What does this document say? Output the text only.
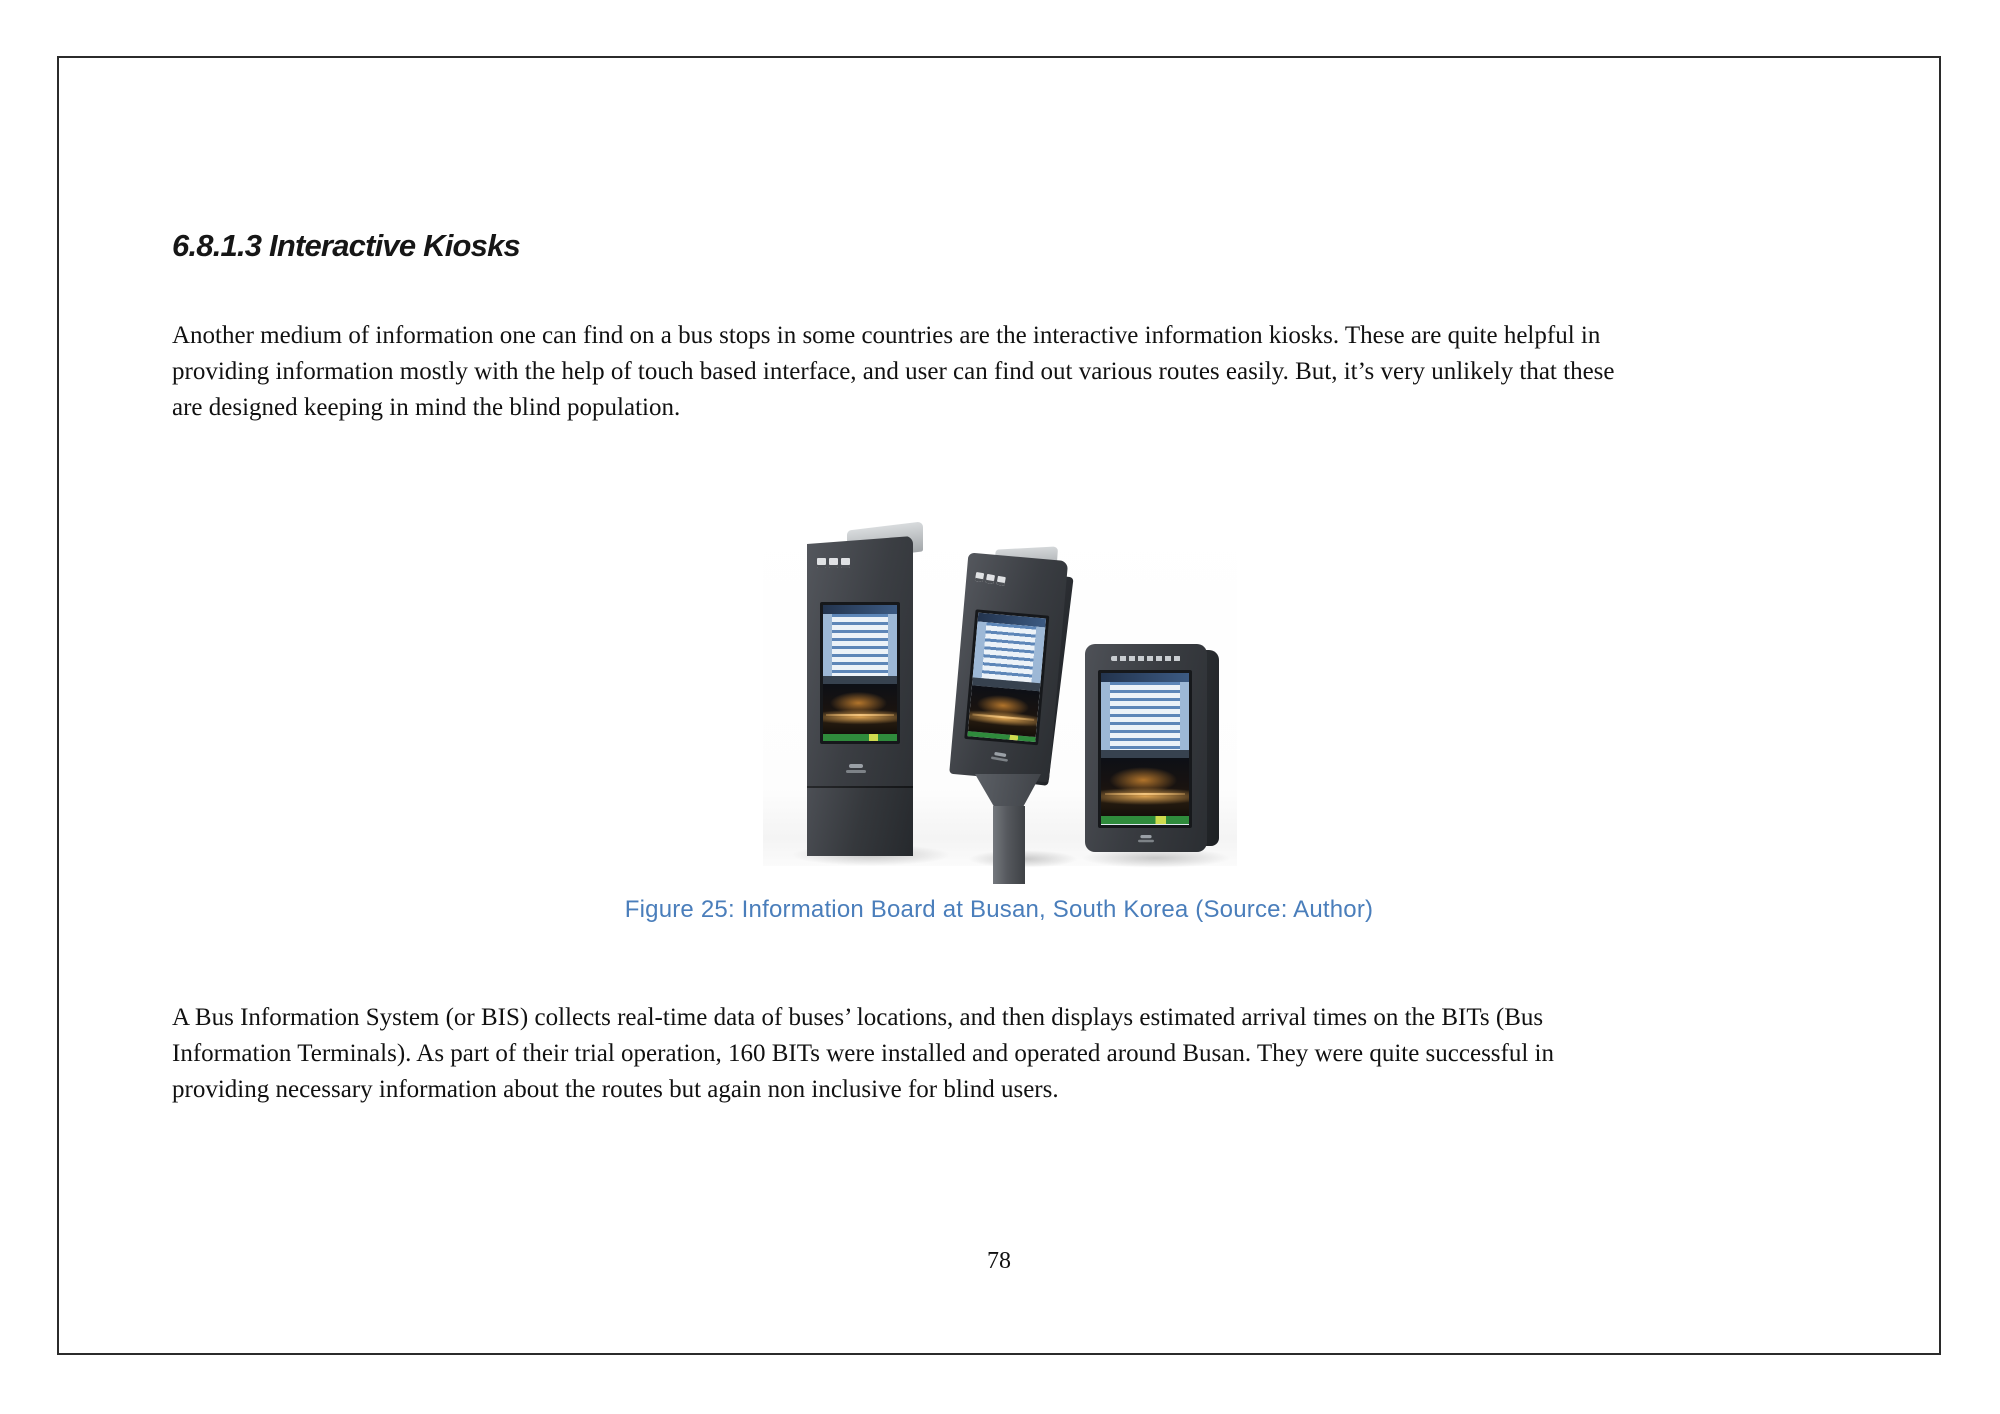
6.8.1.3 Interactive Kiosks
Another medium of information one can find on a bus stops in some countries are the interactive information kiosks. These are quite helpful in
providing information mostly with the help of touch based interface, and user can find out various routes easily. But, it’s very unlikely that these
are designed keeping in mind the blind population.
Figure 25: Information Board at Busan, South Korea (Source: Author)
A Bus Information System (or BIS) collects real-time data of buses’ locations, and then displays estimated arrival times on the BITs (Bus
Information Terminals). As part of their trial operation, 160 BITs were installed and operated around Busan. They were quite successful in
providing necessary information about the routes but again non inclusive for blind users.
78
